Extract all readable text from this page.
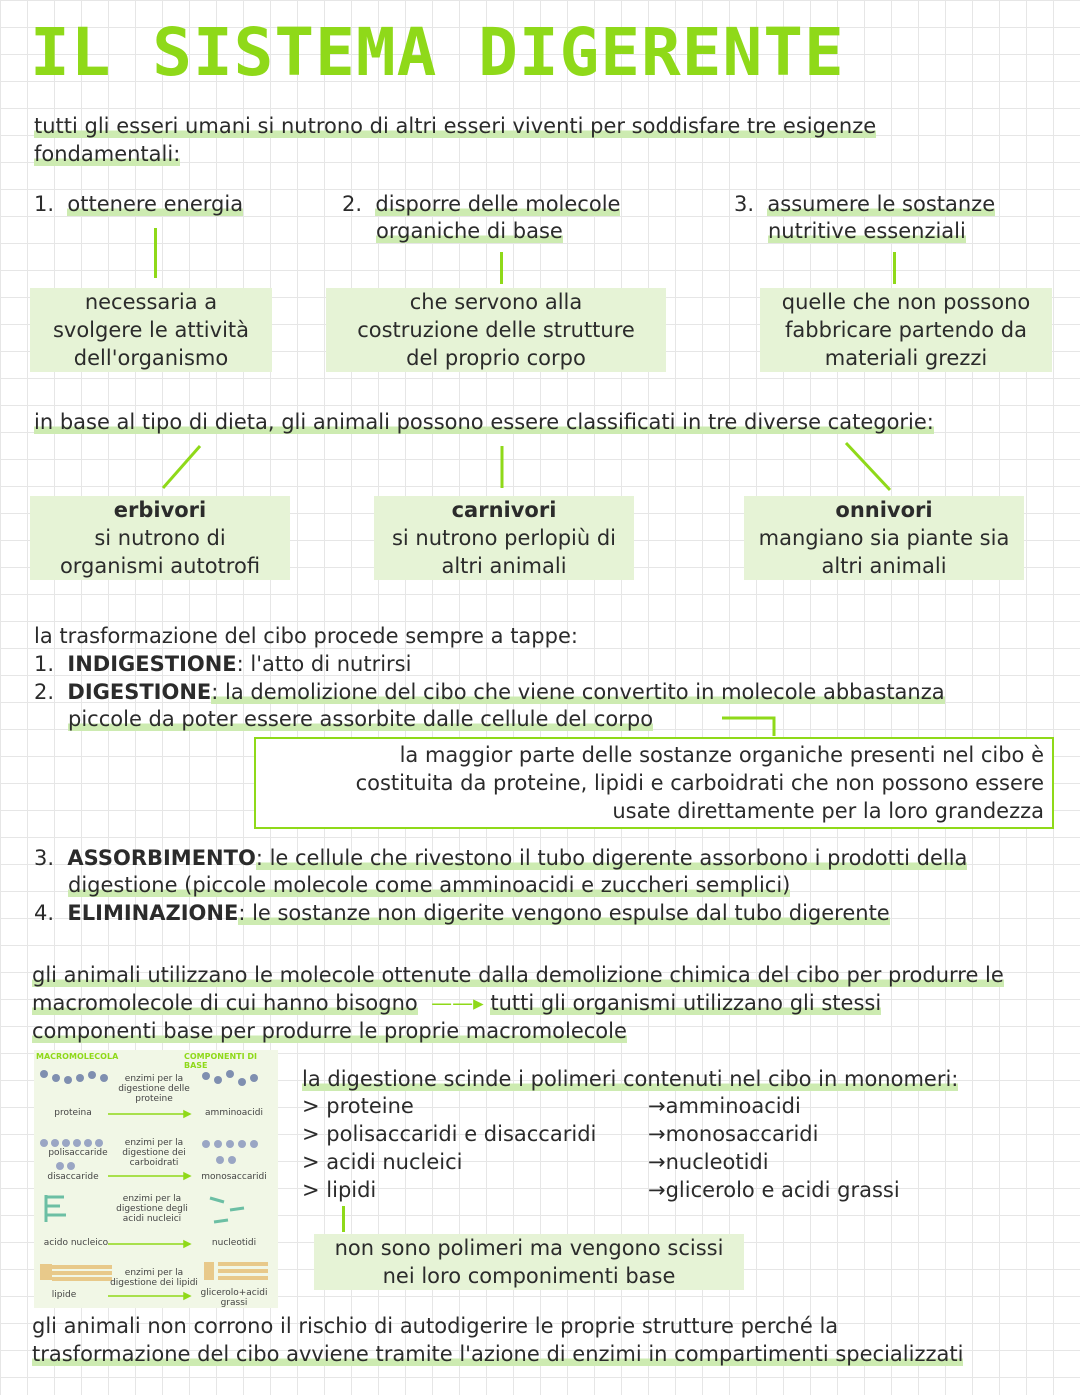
IL SISTEMA DIGERENTE
tutti gli esseri umani si nutrono di altri esseri viventi per soddisfare tre esigenze
fondamentali:
1. ottenere energia
necessaria a
svolgere le attività
dell'organismo
2. disporre delle molecole
organiche di base
che servono alla
costruzione delle strutture
del proprio corpo
3. assumere le sostanze
nutritive essenziali
quelle che non possono
fabbricare partendo da
materiali grezzi
in base al tipo di dieta, gli animali possono essere classificati in tre diverse categorie:
erbivori
si nutrono di
organismi autotrofi
carnivori
si nutrono perlopiù di
altri animali
onnivori
mangiano sia piante sia
altri animali
la trasformazione del cibo procede sempre a tappe:
1. INDIGESTIONE: l'atto di nutrirsi
2. DIGESTIONE: la demolizione del cibo che viene convertito in molecole abbastanza
piccole da poter essere assorbite dalle cellule del corpo
la maggior parte delle sostanze organiche presenti nel cibo è
costituita da proteine, lipidi e carboidrati che non possono essere
usate direttamente per la loro grandezza
3. ASSORBIMENTO: le cellule che rivestono il tubo digerente assorbono i prodotti della
digestione (piccole molecole come amminoacidi e zuccheri semplici)
4. ELIMINAZIONE: le sostanze non digerite vengono espulse dal tubo digerente
gli animali utilizzano le molecole ottenute dalla demolizione chimica del cibo per produrre le
macromolecole di cui hanno bisogno  ——▸ tutti gli organismi utilizzano gli stessi
componenti base per produrre le proprie macromolecole
MACROMOLECOLA	COMPONENTI DI BASE
proteina
enzimi per la
digestione delle
proteine
amminoacidi
polisaccaride
disaccaride
enzimi per la
digestione dei
carboidrati
monosaccaridi
acido nucleico
enzimi per la
digestione degli
acidi nucleici
nucleotidi
lipide
enzimi per la
digestione dei lipidi
glicerolo+acidi
grassi
la digestione scinde i polimeri contenuti nel cibo in monomeri:
> proteine	→amminoacidi
> polisaccaridi e disaccaridi →monosaccaridi
> acidi nucleici	→nucleotidi
> lipidi	→glicerolo e acidi grassi
non sono polimeri ma vengono scissi
nei loro componimenti base
gli animali non corrono il rischio di autodigerire le proprie strutture perché la
trasformazione del cibo avviene tramite l'azione di enzimi in compartimenti specializzati
